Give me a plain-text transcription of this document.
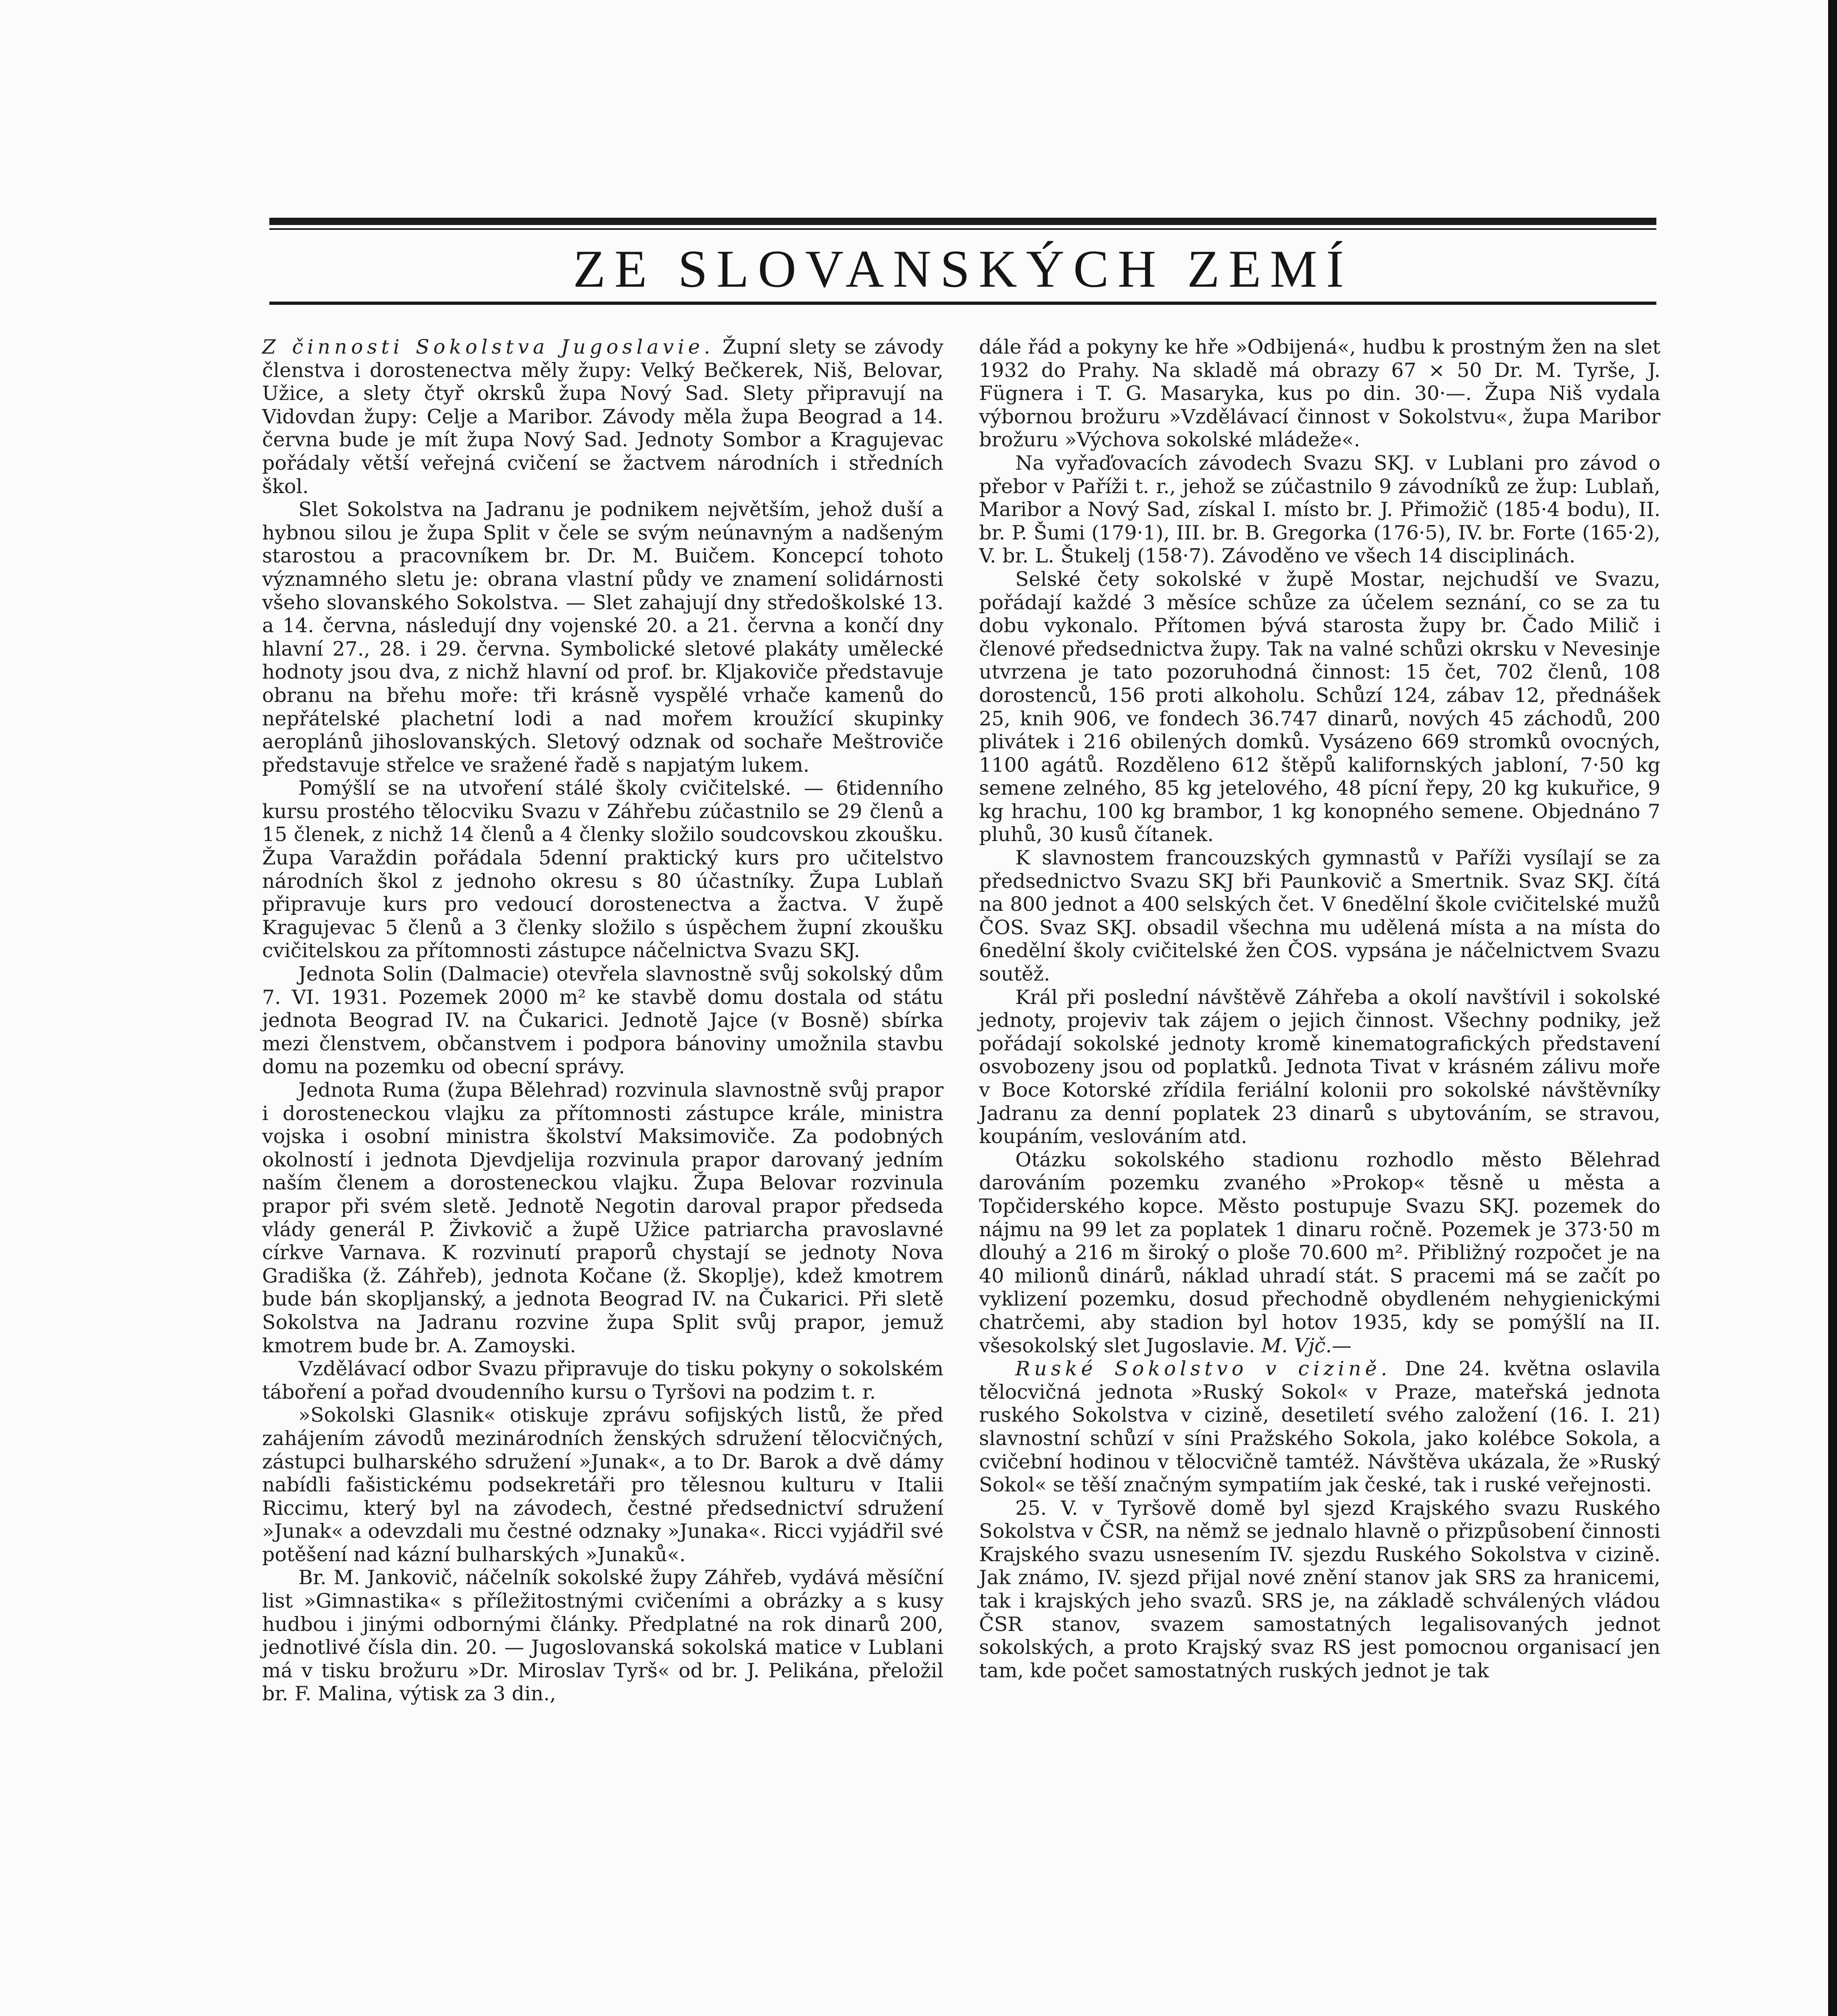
ZE SLOVANSKÝCH ZEMÍ

Z činnosti Sokolstva Jugoslavie. Župní slety se závody členstva i dorostenectva měly župy: Velký Bečkerek, Niš, Belovar, Užice, a slety čtyř okrsků župa Nový Sad. Slety připravují na Vidovdan župy: Celje a Maribor. Závody měla župa Beograd a 14. června bude je mít župa Nový Sad. Jednoty Sombor a Kragujevac pořádaly větší veřejná cvičení se žactvem národních i středních škol.

Slet Sokolstva na Jadranu je podnikem největším, jehož duší a hybnou silou je župa Split v čele se svým neúnavným a nadšeným starostou a pracovníkem br. Dr. M. Buičem. Koncepcí tohoto významného sletu je: obrana vlastní půdy ve znamení solidárnosti všeho slovanského Sokolstva. — Slet zahajují dny středoškolské 13. a 14. června, následují dny vojenské 20. a 21. června a končí dny hlavní 27., 28. i 29. června. Symbolické sletové plakáty umělecké hodnoty jsou dva, z nichž hlavní od prof. br. Kljakoviče představuje obranu na břehu moře: tři krásně vyspělé vrhače kamenů do nepřátelské plachetní lodi a nad mořem kroužící skupinky aeroplánů jihoslovanských. Sletový odznak od sochaře Meštroviče představuje střelce ve sražené řadě s napjatým lukem.

Pomýšlí se na utvoření stálé školy cvičitelské. — 6tidenního kursu prostého tělocviku Svazu v Záhřebu zúčastnilo se 29 členů a 15 členek, z nichž 14 členů a 4 členky složilo soudcovskou zkoušku. Župa Varaždin pořádala 5denní praktický kurs pro učitelstvo národních škol z jednoho okresu s 80 účastníky. Župa Lublaň připravuje kurs pro vedoucí dorostenectva a žactva. V župě Kragujevac 5 členů a 3 členky složilo s úspěchem župní zkoušku cvičitelskou za přítomnosti zástupce náčelnictva Svazu SKJ.

Jednota Solin (Dalmacie) otevřela slavnostně svůj sokolský dům 7. VI. 1931. Pozemek 2000 m² ke stavbě domu dostala od státu jednota Beograd IV. na Čukarici. Jednotě Jajce (v Bosně) sbírka mezi členstvem, občanstvem i podpora bánoviny umožnila stavbu domu na pozemku od obecní správy.

Jednota Ruma (župa Bělehrad) rozvinula slavnostně svůj prapor i dorosteneckou vlajku za přítomnosti zástupce krále, ministra vojska i osobní ministra školství Maksimoviče. Za podobných okolností i jednota Djevdjelija rozvinula prapor darovaný jedním naším členem a dorosteneckou vlajku. Župa Belovar rozvinula prapor při svém sletě. Jednotě Negotin daroval prapor předseda vlády generál P. Živkovič a župě Užice patriarcha pravoslavné církve Varnava. K rozvinutí praporů chystají se jednoty Nova Gradiška (ž. Záhřeb), jednota Kočane (ž. Skoplje), kdež kmotrem bude bán skopljanský, a jednota Beograd IV. na Čukarici. Při sletě Sokolstva na Jadranu rozvine župa Split svůj prapor, jemuž kmotrem bude br. A. Zamoyski.

Vzdělávací odbor Svazu připravuje do tisku pokyny o sokolském táboření a pořad dvoudenního kursu o Tyršovi na podzim t. r.

»Sokolski Glasnik« otiskuje zprávu sofijských listů, že před zahájením závodů mezinárodních ženských sdružení tělocvičných, zástupci bulharského sdružení »Junak«, a to Dr. Barok a dvě dámy nabídli fašistickému podsekretáři pro tělesnou kulturu v Italii Riccimu, který byl na závodech, čestné předsednictví sdružení »Junak« a odevzdali mu čestné odznaky »Junaka«. Ricci vyjádřil své potěšení nad kázní bulharských »Junaků«.

Br. M. Jankovič, náčelník sokolské župy Záhřeb, vydává měsíční list »Gimnastika« s příležitostnými cvičeními a obrázky a s kusy hudbou i jinými odbornými články. Předplatné na rok dinarů 200, jednotlivé čísla din. 20. — Jugoslovanská sokolská matice v Lublani má v tisku brožuru »Dr. Miroslav Tyrš« od br. J. Pelikána, přeložil br. F. Malina, výtisk za 3 din.,

dále řád a pokyny ke hře »Odbijená«, hudbu k prostným žen na slet 1932 do Prahy. Na skladě má obrazy 67 × 50 Dr. M. Tyrše, J. Fügnera i T. G. Masaryka, kus po din. 30·—. Župa Niš vydala výbornou brožuru »Vzdělávací činnost v Sokolstvu«, župa Maribor brožuru »Výchova sokolské mládeže«.

Na vyřaďovacích závodech Svazu SKJ. v Lublani pro závod o přebor v Paříži t. r., jehož se zúčastnilo 9 závodníků ze žup: Lublaň, Maribor a Nový Sad, získal I. místo br. J. Přimožič (185·4 bodu), II. br. P. Šumi (179·1), III. br. B. Gregorka (176·5), IV. br. Forte (165·2), V. br. L. Štukelj (158·7). Závoděno ve všech 14 disciplinách.

Selské čety sokolské v župě Mostar, nejchudší ve Svazu, pořádají každé 3 měsíce schůze za účelem seznání, co se za tu dobu vykonalo. Přítomen bývá starosta župy br. Čado Milič i členové předsednictva župy. Tak na valné schůzi okrsku v Nevesinje utvrzena je tato pozoruhodná činnost: 15 čet, 702 členů, 108 dorostenců, 156 proti alkoholu. Schůzí 124, zábav 12, přednášek 25, knih 906, ve fondech 36.747 dinarů, nových 45 záchodů, 200 plivátek i 216 obilených domků. Vysázeno 669 stromků ovocných, 1100 agátů. Rozděleno 612 štěpů kalifornských jabloní, 7·50 kg semene zelného, 85 kg jetelového, 48 pícní řepy, 20 kg kukuřice, 9 kg hrachu, 100 kg brambor, 1 kg konopného semene. Objednáno 7 pluhů, 30 kusů čítanek.

K slavnostem francouzských gymnastů v Paříži vysílají se za předsednictvo Svazu SKJ bři Paunkovič a Smertnik. Svaz SKJ. čítá na 800 jednot a 400 selských čet. V 6nedělní škole cvičitelské mužů ČOS. Svaz SKJ. obsadil všechna mu udělená místa a na místa do 6nedělní školy cvičitelské žen ČOS. vypsána je náčelnictvem Svazu soutěž.

Král při poslední návštěvě Záhřeba a okolí navštívil i sokolské jednoty, projeviv tak zájem o jejich činnost. Všechny podniky, jež pořádají sokolské jednoty kromě kinematografických představení osvobozeny jsou od poplatků. Jednota Tivat v krásném zálivu moře v Boce Kotorské zřídila feriální kolonii pro sokolské návštěvníky Jadranu za denní poplatek 23 dinarů s ubytováním, se stravou, koupáním, veslováním atd.

Otázku sokolského stadionu rozhodlo město Bělehrad darováním pozemku zvaného »Prokop« těsně u města a Topčiderského kopce. Město postupuje Svazu SKJ. pozemek do nájmu na 99 let za poplatek 1 dinaru ročně. Pozemek je 373·50 m dlouhý a 216 m široký o ploše 70.600 m². Přibližný rozpočet je na 40 milionů dinárů, náklad uhradí stát. S pracemi má se začít po vyklizení pozemku, dosud přechodně obydleném nehygienickými chatrčemi, aby stadion byl hotov 1935, kdy se pomýšlí na II. všesokolský slet Jugoslavie. M. Vjč.—

Ruské Sokolstvo v cizině. Dne 24. května oslavila tělocvičná jednota »Ruský Sokol« v Praze, mateřská jednota ruského Sokolstva v cizině, desetiletí svého založení (16. I. 21) slavnostní schůzí v síni Pražského Sokola, jako kolébce Sokola, a cvičební hodinou v tělocvičně tamtéž. Návštěva ukázala, že »Ruský Sokol« se těší značným sympatiím jak české, tak i ruské veřejnosti.

25. V. v Tyršově domě byl sjezd Krajského svazu Ruského Sokolstva v ČSR, na němž se jednalo hlavně o přizpůsobení činnosti Krajského svazu usnesením IV. sjezdu Ruského Sokolstva v cizině. Jak známo, IV. sjezd přijal nové znění stanov jak SRS za hranicemi, tak i krajských jeho svazů. SRS je, na základě schválených vládou ČSR stanov, svazem samostatných legalisovaných jednot sokolských, a proto Krajský svaz RS jest pomocnou organisací jen tam, kde počet samostatných ruských jednot je tak
